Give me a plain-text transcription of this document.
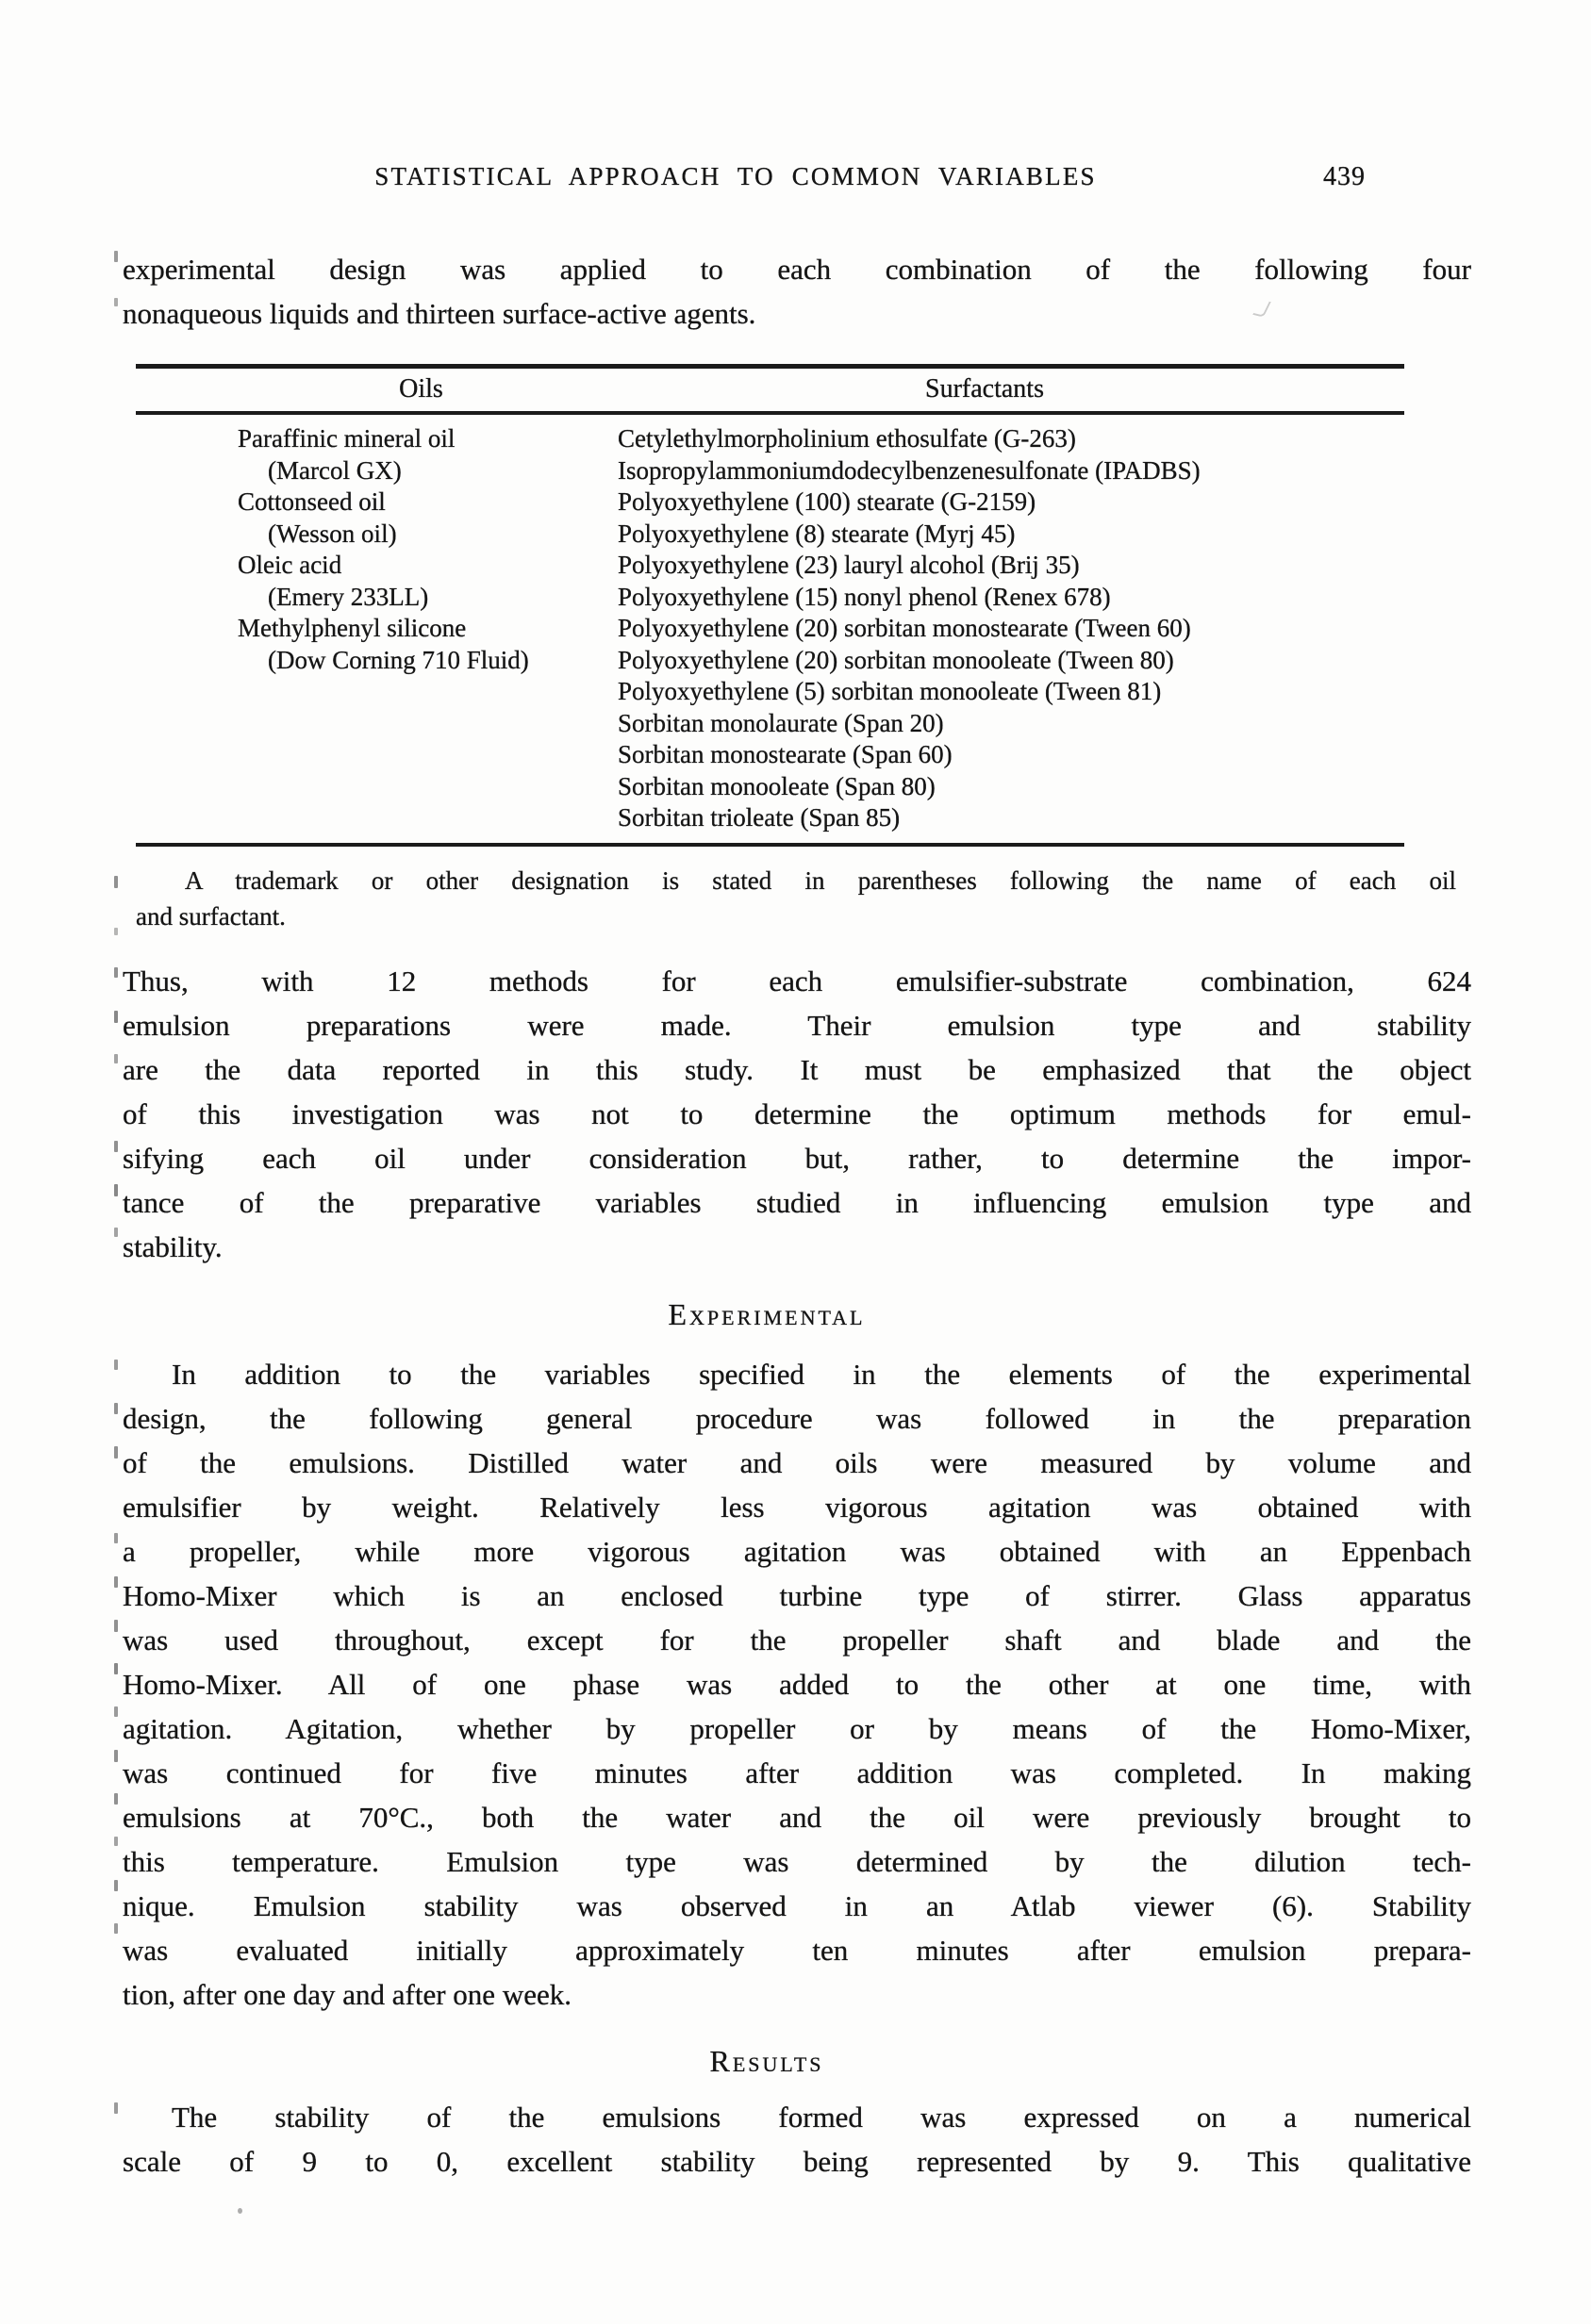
STATISTICAL APPROACH TO COMMON VARIABLES	439
experimental design was applied to each combination of the following four
nonaqueous liquids and thirteen surface-active agents.
Oils	Surfactants
Paraffinic mineral oil
(Marcol GX)
Cottonseed oil
(Wesson oil)
Oleic acid
(Emery 233LL)
Methylphenyl silicone
(Dow Corning 710 Fluid)
Cetylethylmorpholinium ethosulfate (G-263)
Isopropylammoniumdodecylbenzenesulfonate (IPADBS)
Polyoxyethylene (100) stearate (G-2159)
Polyoxyethylene (8) stearate (Myrj 45)
Polyoxyethylene (23) lauryl alcohol (Brij 35)
Polyoxyethylene (15) nonyl phenol (Renex 678)
Polyoxyethylene (20) sorbitan monostearate (Tween 60)
Polyoxyethylene (20) sorbitan monooleate (Tween 80)
Polyoxyethylene (5) sorbitan monooleate (Tween 81)
Sorbitan monolaurate (Span 20)
Sorbitan monostearate (Span 60)
Sorbitan monooleate (Span 80)
Sorbitan trioleate (Span 85)
A trademark or other designation is stated in parentheses following the name of each oil
and surfactant.
Thus, with 12 methods for each emulsifier-substrate combination, 624
emulsion preparations were made. Their emulsion type and stability
are the data reported in this study. It must be emphasized that the object
of this investigation was not to determine the optimum methods for emul-
sifying each oil under consideration but, rather, to determine the impor-
tance of the preparative variables studied in influencing emulsion type and
stability.
Experimental
In addition to the variables specified in the elements of the experimental
design, the following general procedure was followed in the preparation
of the emulsions. Distilled water and oils were measured by volume and
emulsifier by weight. Relatively less vigorous agitation was obtained with
a propeller, while more vigorous agitation was obtained with an Eppenbach
Homo-Mixer which is an enclosed turbine type of stirrer. Glass apparatus
was used throughout, except for the propeller shaft and blade and the
Homo-Mixer. All of one phase was added to the other at one time, with
agitation. Agitation, whether by propeller or by means of the Homo-Mixer,
was continued for five minutes after addition was completed. In making
emulsions at 70°C., both the water and the oil were previously brought to
this temperature. Emulsion type was determined by the dilution tech-
nique. Emulsion stability was observed in an Atlab viewer (6). Stability
was evaluated initially approximately ten minutes after emulsion prepara-
tion, after one day and after one week.
Results
The stability of the emulsions formed was expressed on a numerical
scale of 9 to 0, excellent stability being represented by 9. This qualitative
